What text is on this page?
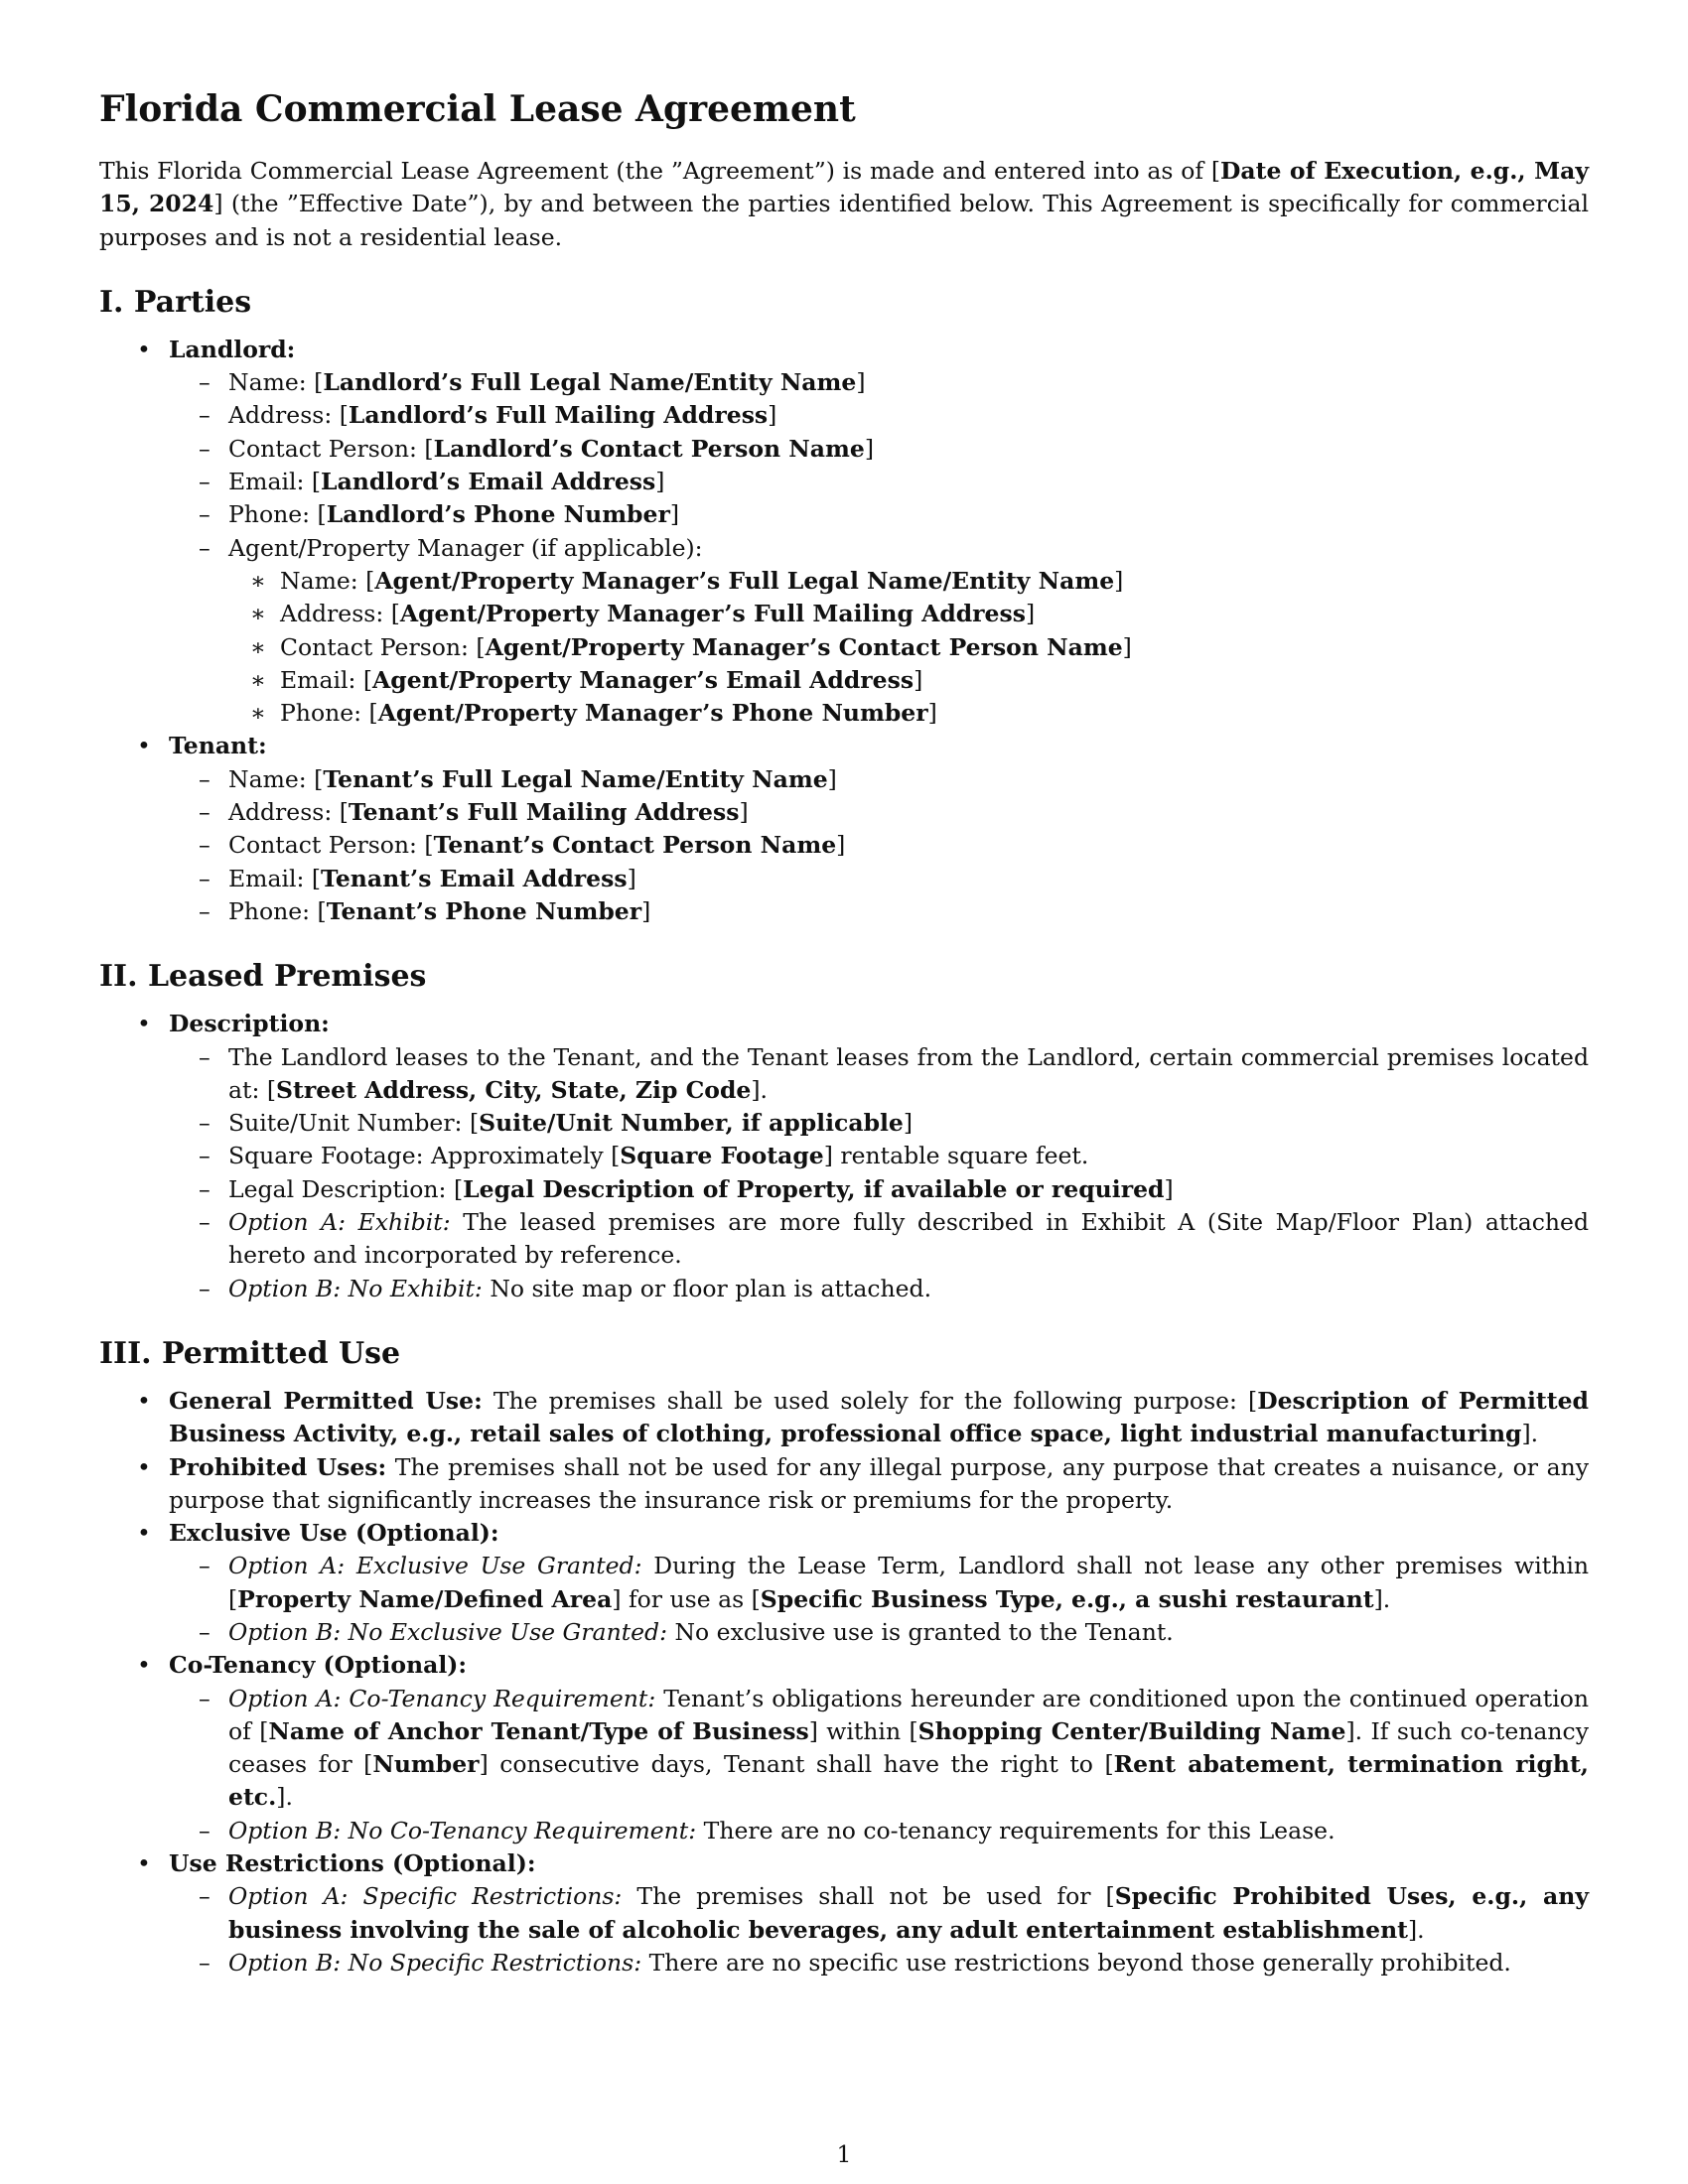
Florida Commercial Lease Agreement

This Florida Commercial Lease Agreement (the ”Agreement”) is made and entered into as of [Date of Execution, e.g., May 15, 2024] (the ”Effective Date”), by and between the parties identified below. This Agreement is specifically for commercial purposes and is not a residential lease.

I. Parties
• Landlord:
– Name: [Landlord’s Full Legal Name/Entity Name]
– Address: [Landlord’s Full Mailing Address]
– Contact Person: [Landlord’s Contact Person Name]
– Email: [Landlord’s Email Address]
– Phone: [Landlord’s Phone Number]
– Agent/Property Manager (if applicable):
∗ Name: [Agent/Property Manager’s Full Legal Name/Entity Name]
∗ Address: [Agent/Property Manager’s Full Mailing Address]
∗ Contact Person: [Agent/Property Manager’s Contact Person Name]
∗ Email: [Agent/Property Manager’s Email Address]
∗ Phone: [Agent/Property Manager’s Phone Number]
• Tenant:
– Name: [Tenant’s Full Legal Name/Entity Name]
– Address: [Tenant’s Full Mailing Address]
– Contact Person: [Tenant’s Contact Person Name]
– Email: [Tenant’s Email Address]
– Phone: [Tenant’s Phone Number]
II. Leased Premises
• Description:
– The Landlord leases to the Tenant, and the Tenant leases from the Landlord, certain commercial premises located at: [Street Address, City, State, Zip Code].
– Suite/Unit Number: [Suite/Unit Number, if applicable]
– Square Footage: Approximately [Square Footage] rentable square feet.
– Legal Description: [Legal Description of Property, if available or required]
– Option A: Exhibit: The leased premises are more fully described in Exhibit A (Site Map/Floor Plan) attached hereto and incorporated by reference.
– Option B: No Exhibit: No site map or floor plan is attached.
III. Permitted Use
• General Permitted Use: The premises shall be used solely for the following purpose: [Description of Permitted Business Activity, e.g., retail sales of clothing, professional office space, light industrial manufacturing].
• Prohibited Uses: The premises shall not be used for any illegal purpose, any purpose that creates a nuisance, or any purpose that significantly increases the insurance risk or premiums for the property.
• Exclusive Use (Optional):
– Option A: Exclusive Use Granted: During the Lease Term, Landlord shall not lease any other premises within [Property Name/Defined Area] for use as [Specific Business Type, e.g., a sushi restaurant].
– Option B: No Exclusive Use Granted: No exclusive use is granted to the Tenant.
• Co-Tenancy (Optional):
– Option A: Co-Tenancy Requirement: Tenant’s obligations hereunder are conditioned upon the continued operation of [Name of Anchor Tenant/Type of Business] within [Shopping Center/Building Name]. If such co-tenancy ceases for [Number] consecutive days, Tenant shall have the right to [Rent abatement, termination right, etc.].
– Option B: No Co-Tenancy Requirement: There are no co-tenancy requirements for this Lease.
• Use Restrictions (Optional):
– Option A: Specific Restrictions: The premises shall not be used for [Specific Prohibited Uses, e.g., any business involving the sale of alcoholic beverages, any adult entertainment establishment].
– Option B: No Specific Restrictions: There are no specific use restrictions beyond those generally prohibited.
1
